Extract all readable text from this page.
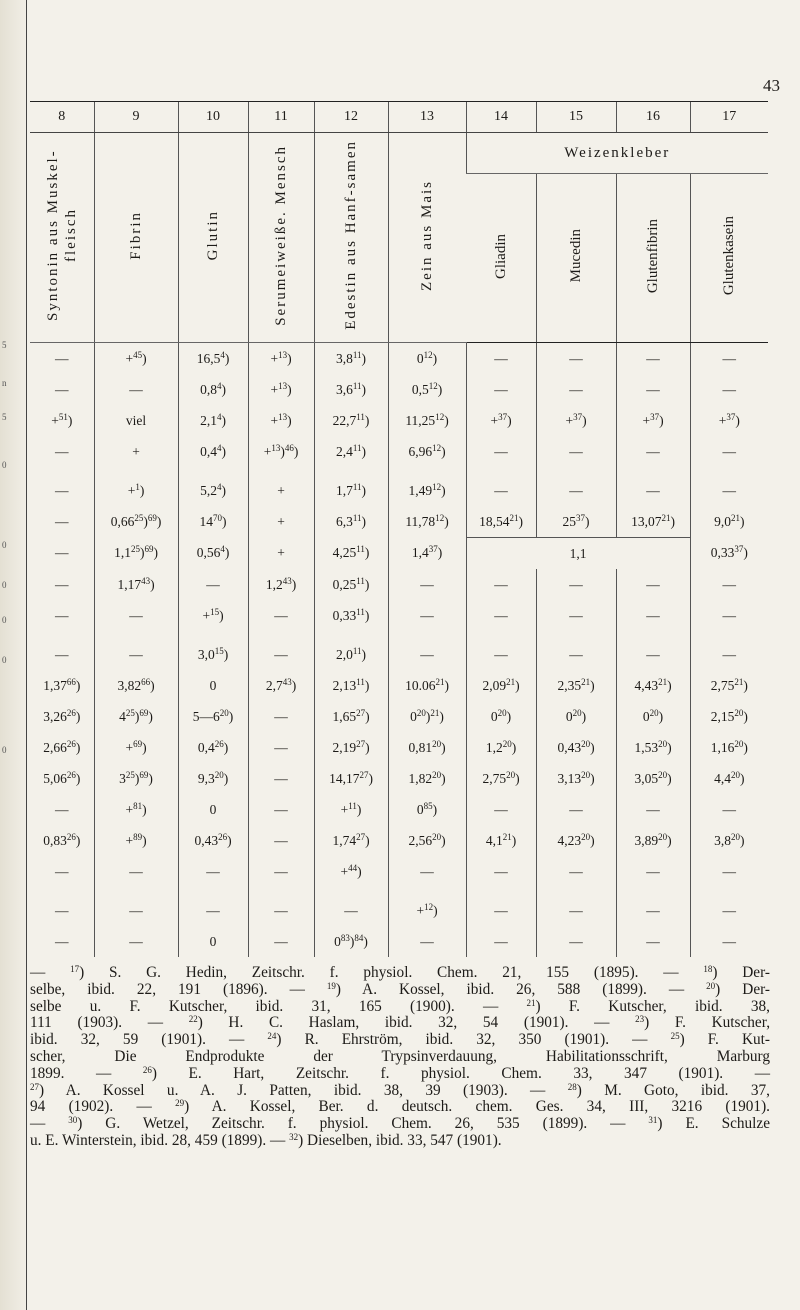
5
n
5
0
0
0
0
0
0
43
8	9	10	11	12	13	14	15	16	17
Syntonin aus Muskel-fleisch	Fibrin	Glutin	Serumeiweiße. Mensch	Edestin aus Hanf-samen	Zein aus Mais	Weizenkleber			
						Gliadin	Mucedin	Glutenfibrin	Glutenkasein
—	+$^{45}$)	$16,5^4$)	+$^{13}$)	$3,8^{11}$)	$0^{12}$)	—	—	—	—
—	—	$0,8^4$)	+$^{13}$)	$3,6^{11}$)	$0,5^{12}$)	—	—	—	—
+$^{51}$)	viel	$2,1^4$)	+$^{13}$)	22,7$^{11}$)	$11,25^{12}$)	+$^{37}$)	+$^{37}$)	+$^{37}$)	+$^{37}$)
—	+	$0,4^4$)	+$^{13}$)$^{46}$)	$2,4^{11}$)	6,96$^{12}$)	—	—	—	—

—	+$^1$)	$5,2^4$)	+	$1,7^{11}$)	1,49$^{12}$)	—	—	—	—
—	0,66$^{25}$)$^{69}$)	$14^{70}$)	+	$6,3^{11}$)	11,78$^{12}$)	18,54$^{21}$)	$25^{37}$)	13,07$^{21}$)	$9,0^{21}$)
—	$1,1^{25})^{69}$)	$0,56^4$)	+	$4,25^{11}$)	$1,4^{37}$)	1,1			0,33$^{37}$)
—	1,17$^{43}$)	—	$1,2^{43}$)	0,25$^{11}$)	—	—	—	—	—
—	—	+$^{15}$)	—	0,33$^{11}$)	—	—	—	—	—

—	—	$3,0^{15}$)	—	$2,0^{11}$)	—	—	—	—	—
1,37$^{66}$)	3,82$^{66}$)	0	$2,7^{43}$)	2,13$^{11}$)	10.06$^{21}$)	2,09$^{21}$)	2,35$^{21}$)	4,43$^{21}$)	2,75$^{21}$)
3,26$^{26}$)	$4^{25})^{69}$)	$5—6^{20}$)	—	1,65$^{27}$)	$0^{20})^{21}$)	$0^{20}$)	$0^{20}$)	$0^{20}$)	2,15$^{20}$)
$2,66^{26}$)	+$^{69}$)	$0,4^{26}$)	—	2,19$^{27}$)	0,81$^{20}$)	$1,2^{20}$)	0,43$^{20}$)	1,53$^{20}$)	1,16$^{20}$)
5,06$^{26}$)	$3^{25})^{69}$)	$9,3^{20}$)	—	14,17$^{27}$)	1,82$^{20}$)	2,75$^{20}$)	3,13$^{20}$)	3,05$^{20}$)	$4,4^{20}$)
—	+$^{81}$)	0	—	+$^{11}$)	$0^{85}$)	—	—	—	—
$0,83^{26}$)	+$^{89}$)	0,43$^{26}$)	—	1,74$^{27}$)	2,56$^{20}$)	$4,1^{21}$)	4,23$^{20}$)	3,89$^{20}$)	$3,8^{20}$)
—	—	—	—	+$^{44}$)	—	—	—	—	—

—	—	—	—	—	+$^{12}$)	—	—	—	—
—	—	0	—	$0^{83})^{84}$)	—	—	—	—	—
— $^{17}$) S. G. Hedin, Zeitschr. f. physiol. Chem. 21, 155 (1895). — $^{18}$) Der-
selbe, ibid. 22, 191 (1896). — $^{19}$) A. Kossel, ibid. 26, 588 (1899). — $^{20}$) Der-
selbe u. F. Kutscher, ibid. 31, 165 (1900). — $^{21}$) F. Kutscher, ibid. 38,
111 (1903). — $^{22}$) H. C. Haslam, ibid. 32, 54 (1901). — $^{23}$) F. Kutscher,
ibid. 32, 59 (1901). — $^{24}$) R. Ehrström, ibid. 32, 350 (1901). — $^{25}$) F. Kut-
scher, Die Endprodukte der Trypsinverdauung, Habilitationsschrift, Marburg
1899. — $^{26}$) E. Hart, Zeitschr. f. physiol. Chem. 33, 347 (1901). —
$^{27}$) A. Kossel u. A. J. Patten, ibid. 38, 39 (1903). — $^{28}$) M. Goto, ibid. 37,
94 (1902). — $^{29}$) A. Kossel, Ber. d. deutsch. chem. Ges. 34, III, 3216 (1901).
— $^{30}$) G. Wetzel, Zeitschr. f. physiol. Chem. 26, 535 (1899). — $^{31}$) E. Schulze
u. E. Winterstein, ibid. 28, 459 (1899). — $^{32}$) Dieselben, ibid. 33, 547 (1901).
